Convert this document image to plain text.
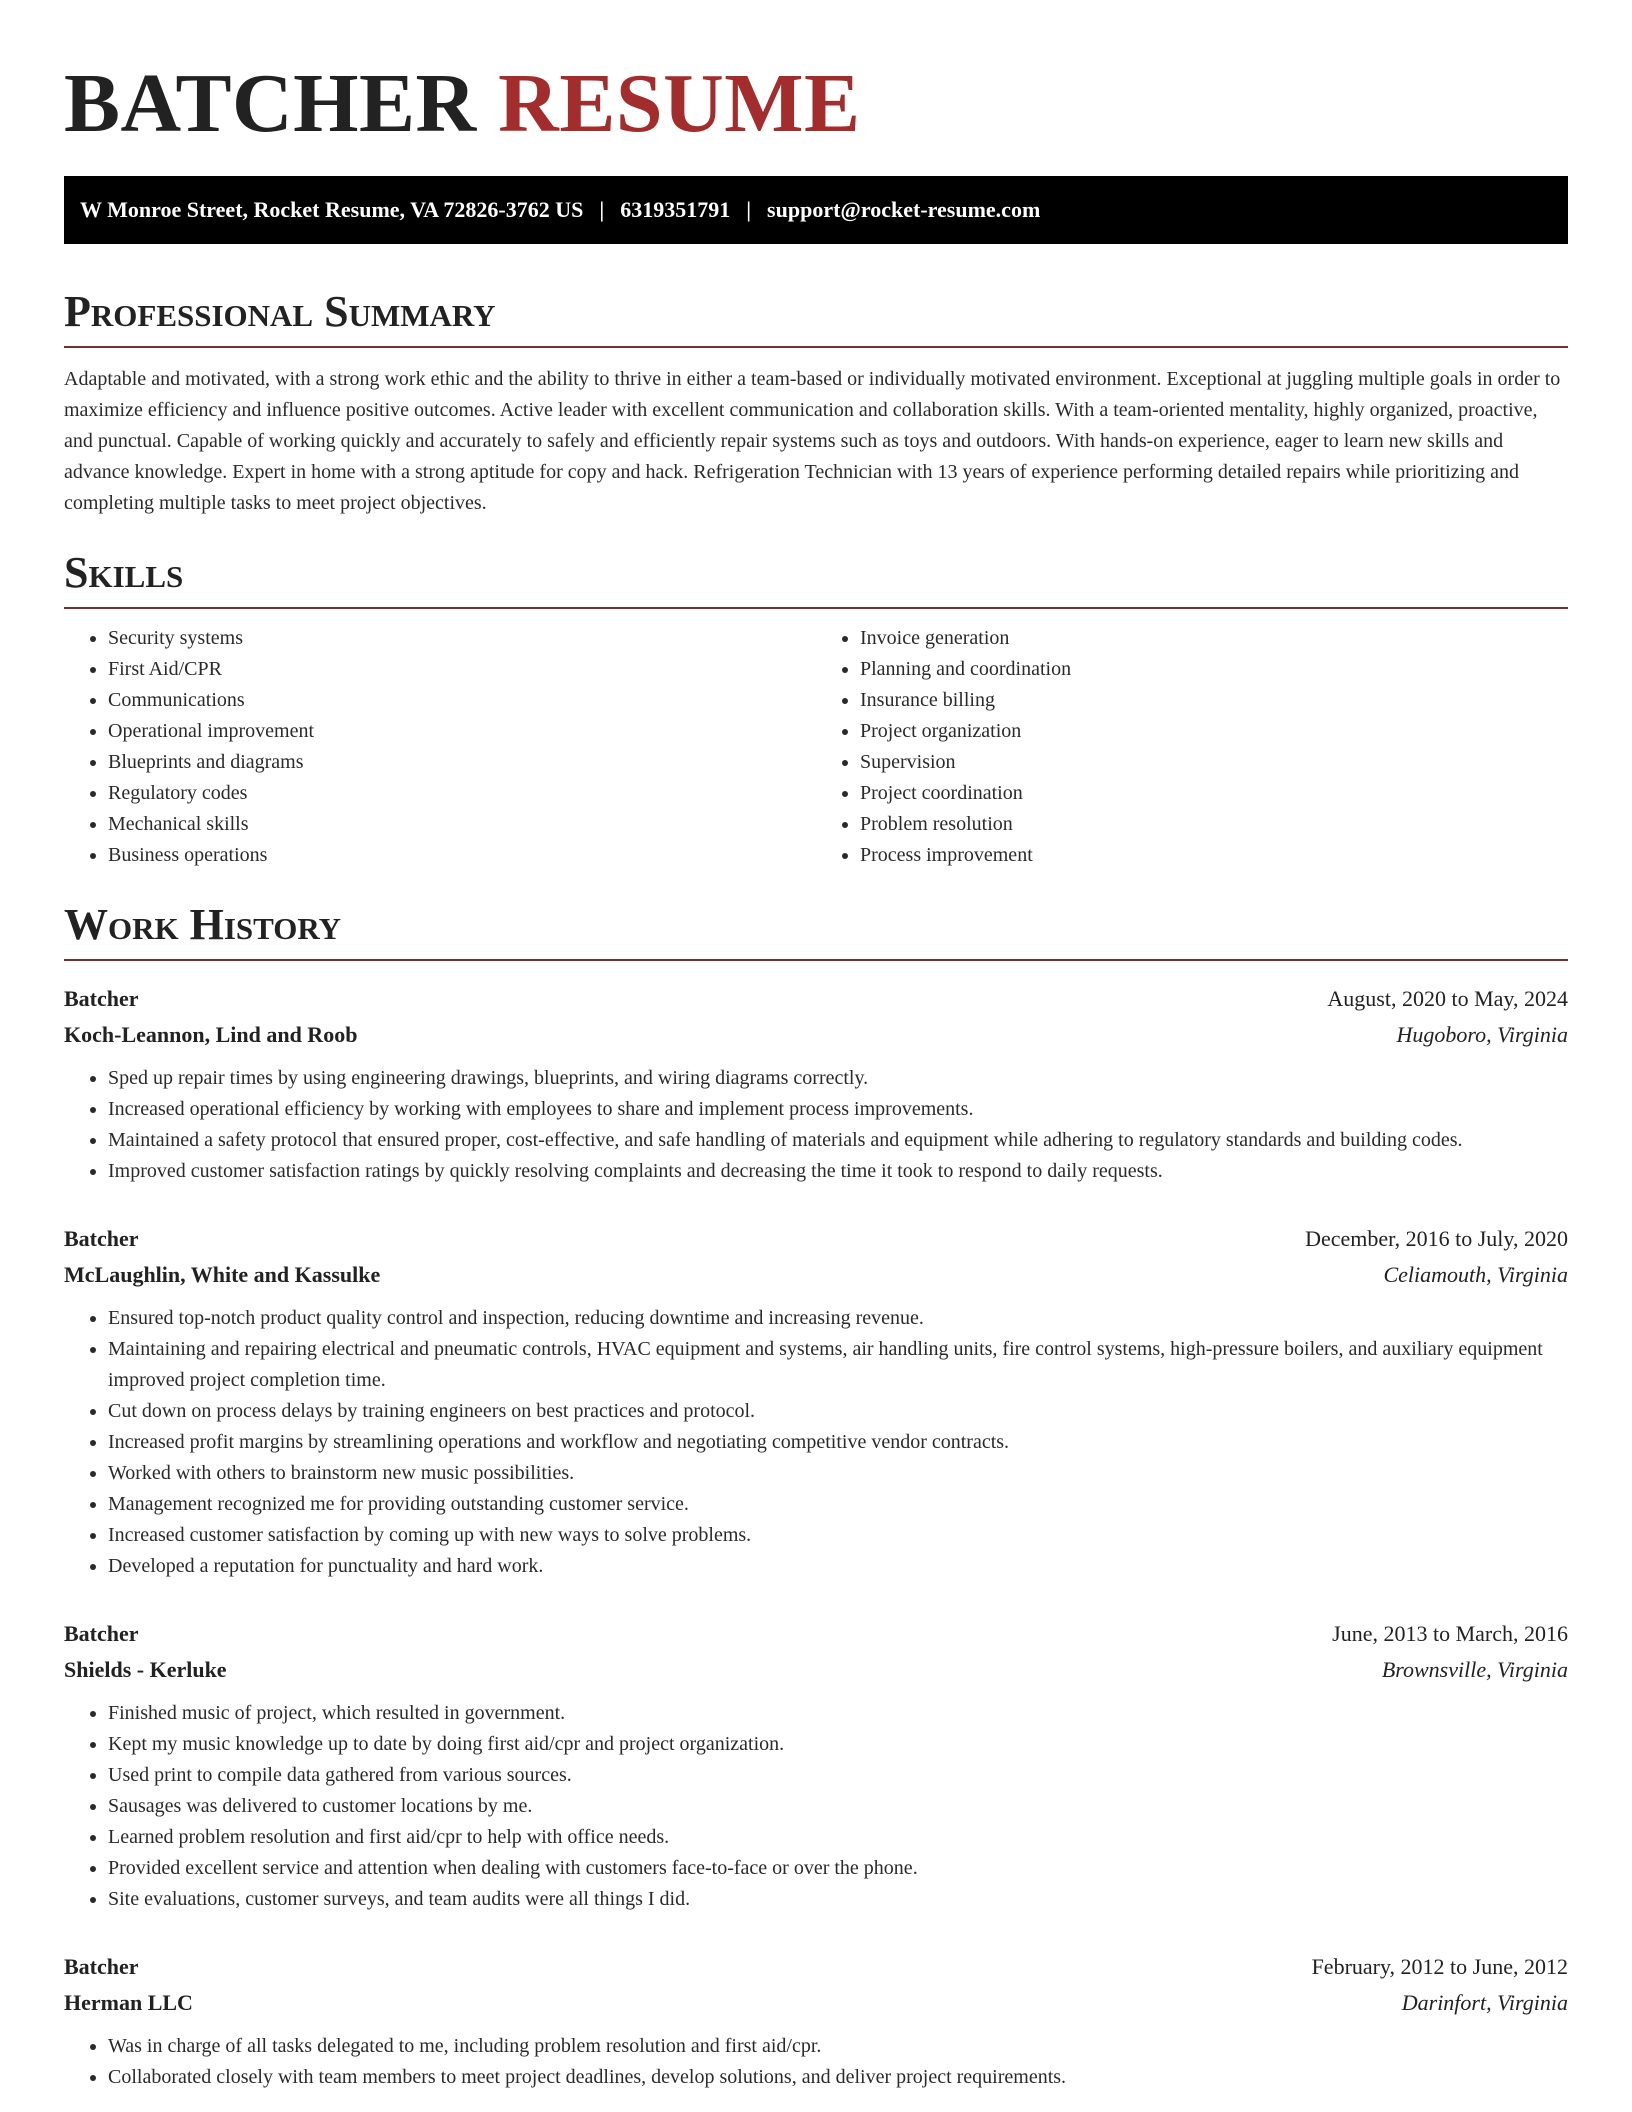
BATCHER RESUME
W Monroe Street, Rocket Resume, VA 72826-3762 US | 6319351791 | support@rocket-resume.com
Professional Summary

Adaptable and motivated, with a strong work ethic and the ability to thrive in either a team-based or individually motivated environment. Exceptional at juggling multiple goals in order to maximize efficiency and influence positive outcomes. Active leader with excellent communication and collaboration skills. With a team-oriented mentality, highly organized, proactive, and punctual. Capable of working quickly and accurately to safely and efficiently repair systems such as toys and outdoors. With hands-on experience, eager to learn new skills and advance knowledge. Expert in home with a strong aptitude for copy and hack. Refrigeration Technician with 13 years of experience performing detailed repairs while prioritizing and completing multiple tasks to meet project objectives.

Skills
• Security systems
• First Aid/CPR
• Communications
• Operational improvement
• Blueprints and diagrams
• Regulatory codes
• Mechanical skills
• Business operations
• Invoice generation
• Planning and coordination
• Insurance billing
• Project organization
• Supervision
• Project coordination
• Problem resolution
• Process improvement
Work History
Batcher	August, 2020 to May, 2024
Koch-Leannon, Lind and Roob	Hugoboro, Virginia
• Sped up repair times by using engineering drawings, blueprints, and wiring diagrams correctly.
• Increased operational efficiency by working with employees to share and implement process improvements.
• Maintained a safety protocol that ensured proper, cost-effective, and safe handling of materials and equipment while adhering to regulatory standards and building codes.
• Improved customer satisfaction ratings by quickly resolving complaints and decreasing the time it took to respond to daily requests.
Batcher	December, 2016 to July, 2020
McLaughlin, White and Kassulke	Celiamouth, Virginia
• Ensured top-notch product quality control and inspection, reducing downtime and increasing revenue.
• Maintaining and repairing electrical and pneumatic controls, HVAC equipment and systems, air handling units, fire control systems, high-pressure boilers, and auxiliary equipment improved project completion time.
• Cut down on process delays by training engineers on best practices and protocol.
• Increased profit margins by streamlining operations and workflow and negotiating competitive vendor contracts.
• Worked with others to brainstorm new music possibilities.
• Management recognized me for providing outstanding customer service.
• Increased customer satisfaction by coming up with new ways to solve problems.
• Developed a reputation for punctuality and hard work.
Batcher	June, 2013 to March, 2016
Shields - Kerluke	Brownsville, Virginia
• Finished music of project, which resulted in government.
• Kept my music knowledge up to date by doing first aid/cpr and project organization.
• Used print to compile data gathered from various sources.
• Sausages was delivered to customer locations by me.
• Learned problem resolution and first aid/cpr to help with office needs.
• Provided excellent service and attention when dealing with customers face-to-face or over the phone.
• Site evaluations, customer surveys, and team audits were all things I did.
Batcher	February, 2012 to June, 2012
Herman LLC	Darinfort, Virginia
• Was in charge of all tasks delegated to me, including problem resolution and first aid/cpr.
• Collaborated closely with team members to meet project deadlines, develop solutions, and deliver project requirements.
